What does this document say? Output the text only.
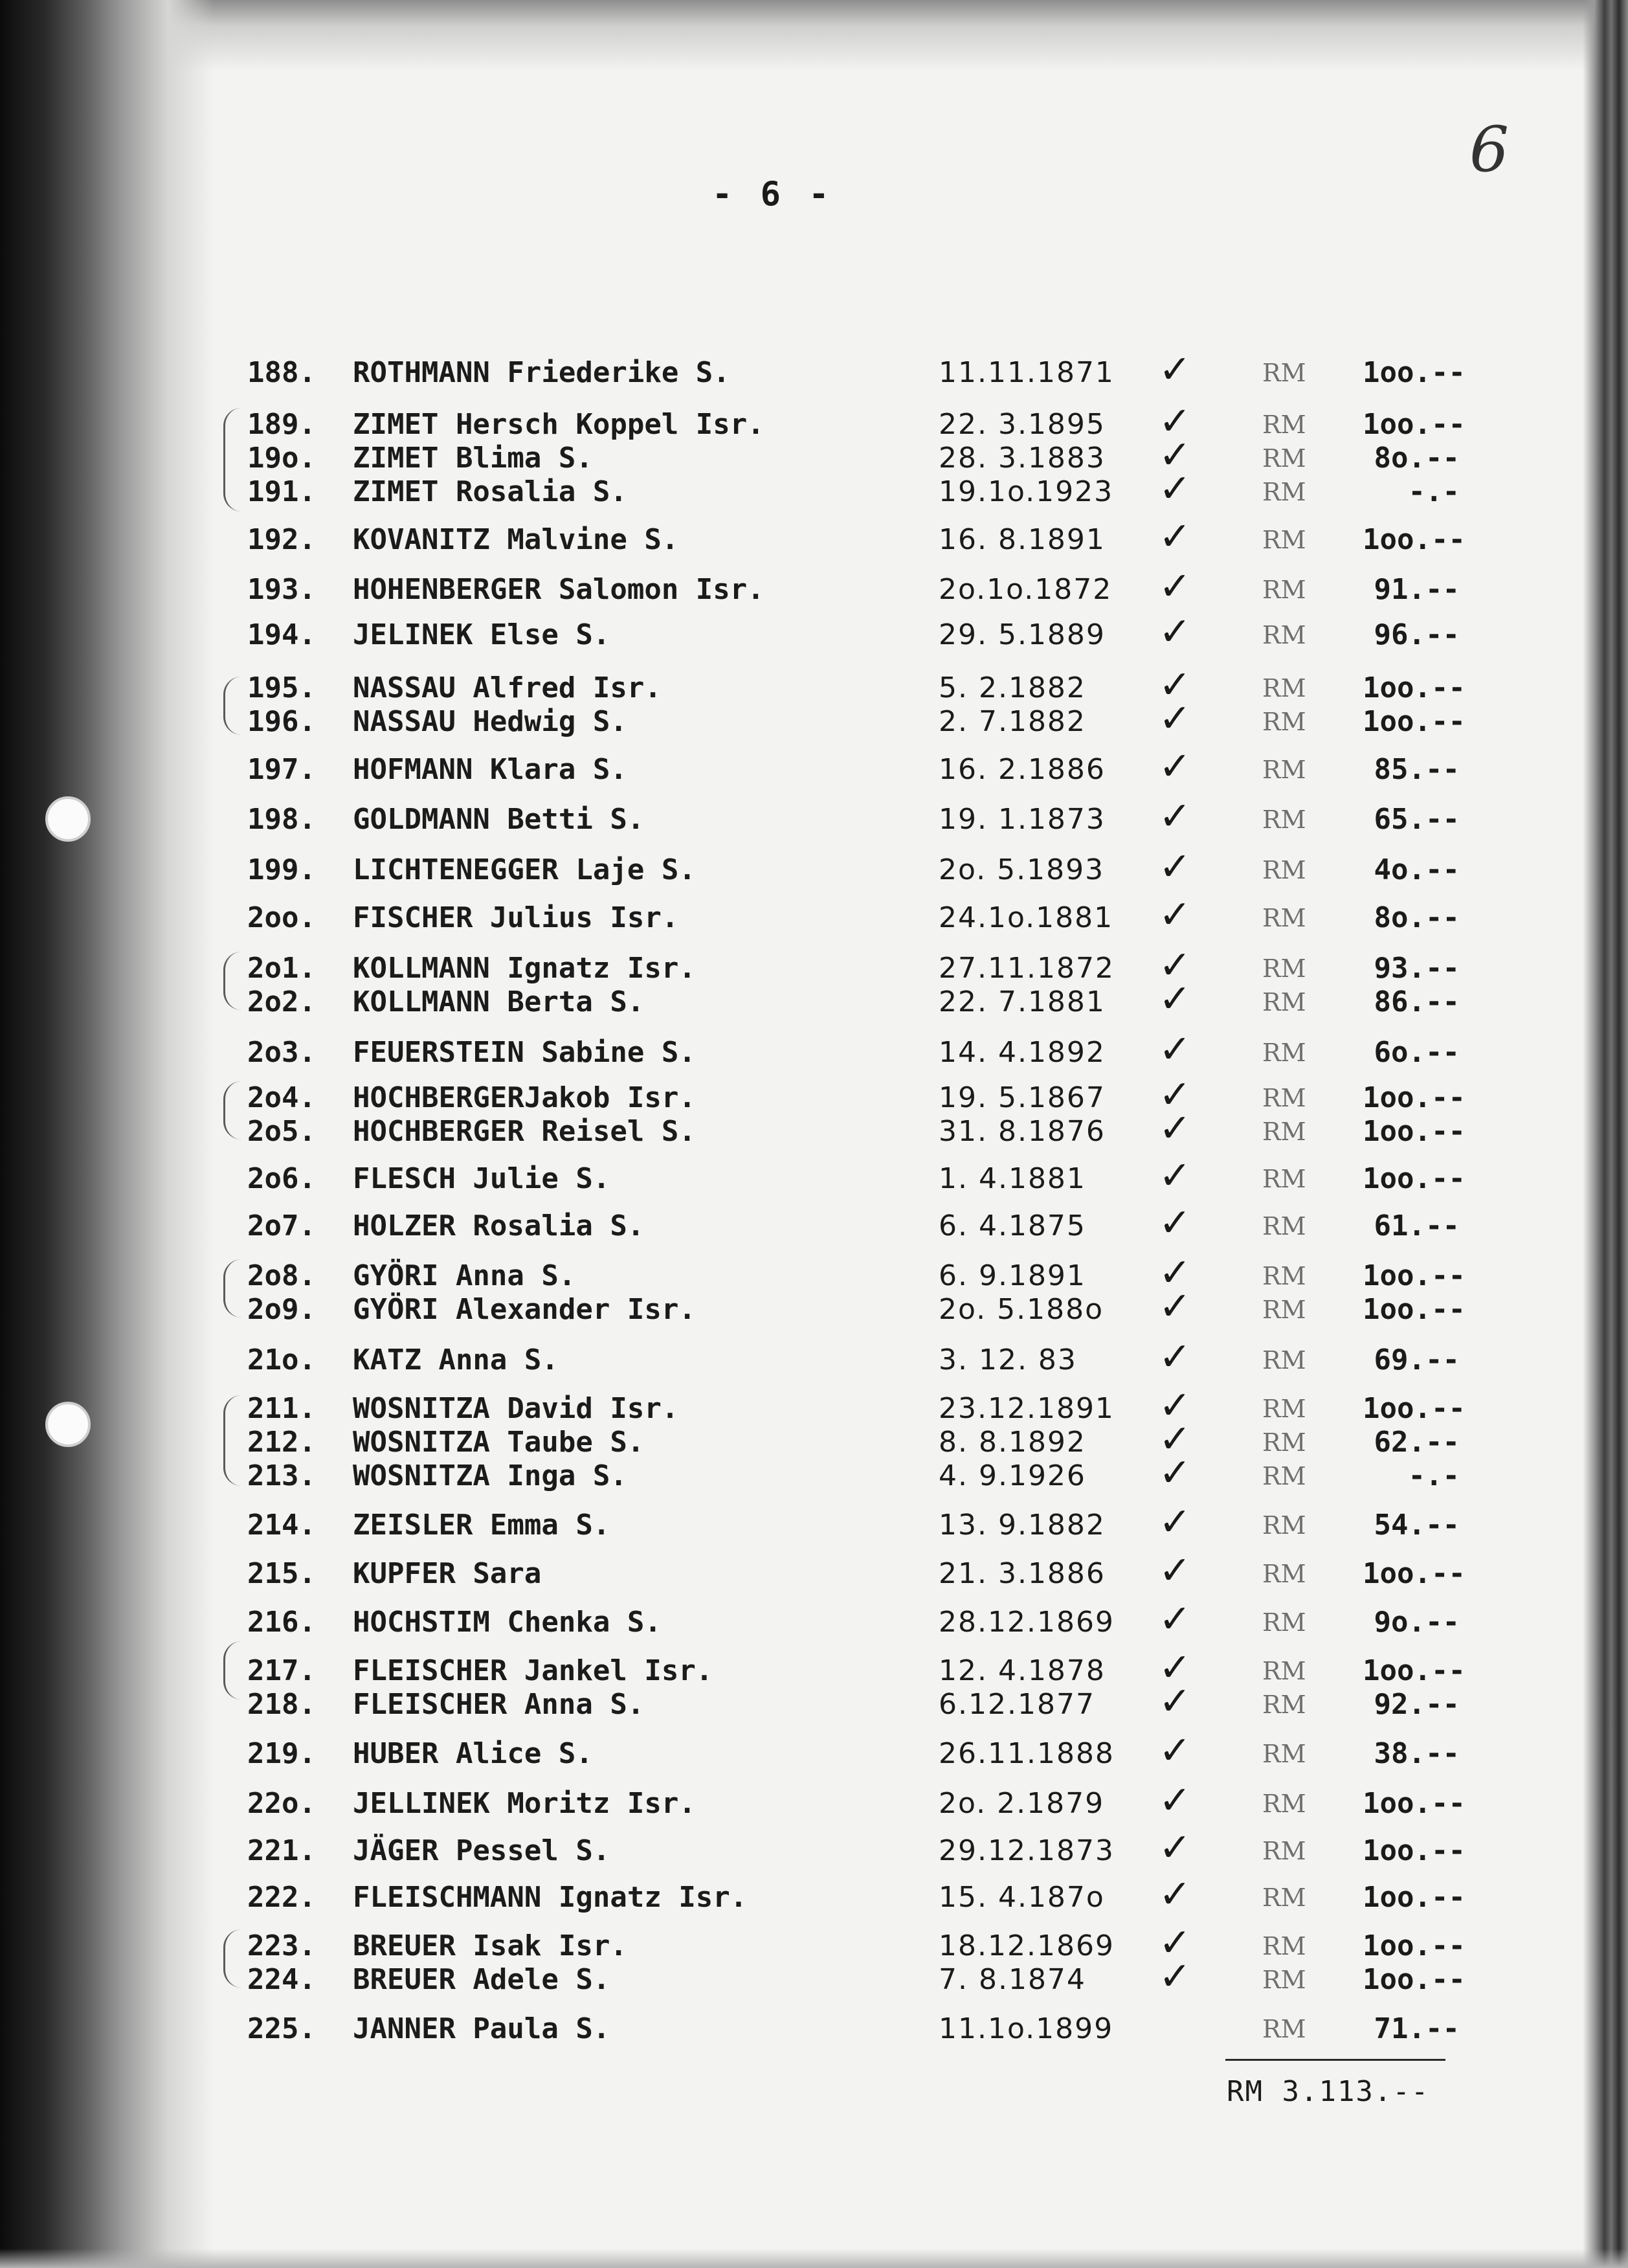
- 6 -
6
188. ROTHMANN Friederike S.	11.11.1871 ✓	RM 1oo.--
189. ZIMET Hersch Koppel Isr.	22. 3.1895 ✓	RM 1oo.--
19o. ZIMET Blima S.	28. 3.1883 ✓	RM	8o.--
191. ZIMET Rosalia S.	19.1o.1923 ✓	RM	-.-
192. KOVANITZ Malvine S.	16. 8.1891 ✓	RM 1oo.--
193. HOHENBERGER Salomon Isr.	2o.1o.1872 ✓	RM	91.--
194. JELINEK Else S.	29. 5.1889 ✓	RM	96.--
195. NASSAU Alfred Isr.	5. 2.1882 ✓	RM 1oo.--
196. NASSAU Hedwig S.	2. 7.1882 ✓	RM 1oo.--
197. HOFMANN Klara S.	16. 2.1886 ✓	RM	85.--
198. GOLDMANN Betti S.	19. 1.1873 ✓	RM	65.--
199. LICHTENEGGER Laje S.	2o. 5.1893 ✓	RM	4o.--
2oo. FISCHER Julius Isr.	24.1o.1881 ✓	RM	8o.--
2o1. KOLLMANN Ignatz Isr.	27.11.1872 ✓	RM	93.--
2o2. KOLLMANN Berta S.	22. 7.1881 ✓	RM	86.--
2o3. FEUERSTEIN Sabine S.	14. 4.1892 ✓	RM	6o.--
2o4. HOCHBERGERJakob Isr.	19. 5.1867 ✓	RM 1oo.--
2o5. HOCHBERGER Reisel S.	31. 8.1876 ✓	RM 1oo.--
2o6. FLESCH Julie S.	1. 4.1881 ✓	RM 1oo.--
2o7. HOLZER Rosalia S.	6. 4.1875 ✓	RM	61.--
2o8. GYÖRI Anna S.	6. 9.1891 ✓	RM 1oo.--
2o9. GYÖRI Alexander Isr.	2o. 5.188o ✓	RM 1oo.--
21o. KATZ Anna S.	3. 12. 83 ✓	RM	69.--
211. WOSNITZA David Isr.	23.12.1891 ✓	RM 1oo.--
212. WOSNITZA Taube S.	8. 8.1892 ✓	RM	62.--
213. WOSNITZA Inga S.	4. 9.1926 ✓	RM	-.-
214. ZEISLER Emma S.	13. 9.1882 ✓	RM	54.--
215. KUPFER Sara	21. 3.1886 ✓	RM 1oo.--
216. HOCHSTIM Chenka S.	28.12.1869 ✓	RM	9o.--
217. FLEISCHER Jankel Isr.	12. 4.1878 ✓	RM 1oo.--
218. FLEISCHER Anna S.	6.12.1877 ✓	RM	92.--
219. HUBER Alice S.	26.11.1888 ✓	RM	38.--
22o. JELLINEK Moritz Isr.	2o. 2.1879 ✓	RM 1oo.--
221. JÄGER Pessel S.	29.12.1873 ✓	RM 1oo.--
222. FLEISCHMANN Ignatz Isr.	15. 4.187o ✓	RM 1oo.--
223. BREUER Isak Isr.	18.12.1869 ✓	RM 1oo.--
224. BREUER Adele S.	7. 8.1874 ✓	RM 1oo.--
225. JANNER Paula S.	11.1o.1899	RM	71.--
RM 3.113.--
